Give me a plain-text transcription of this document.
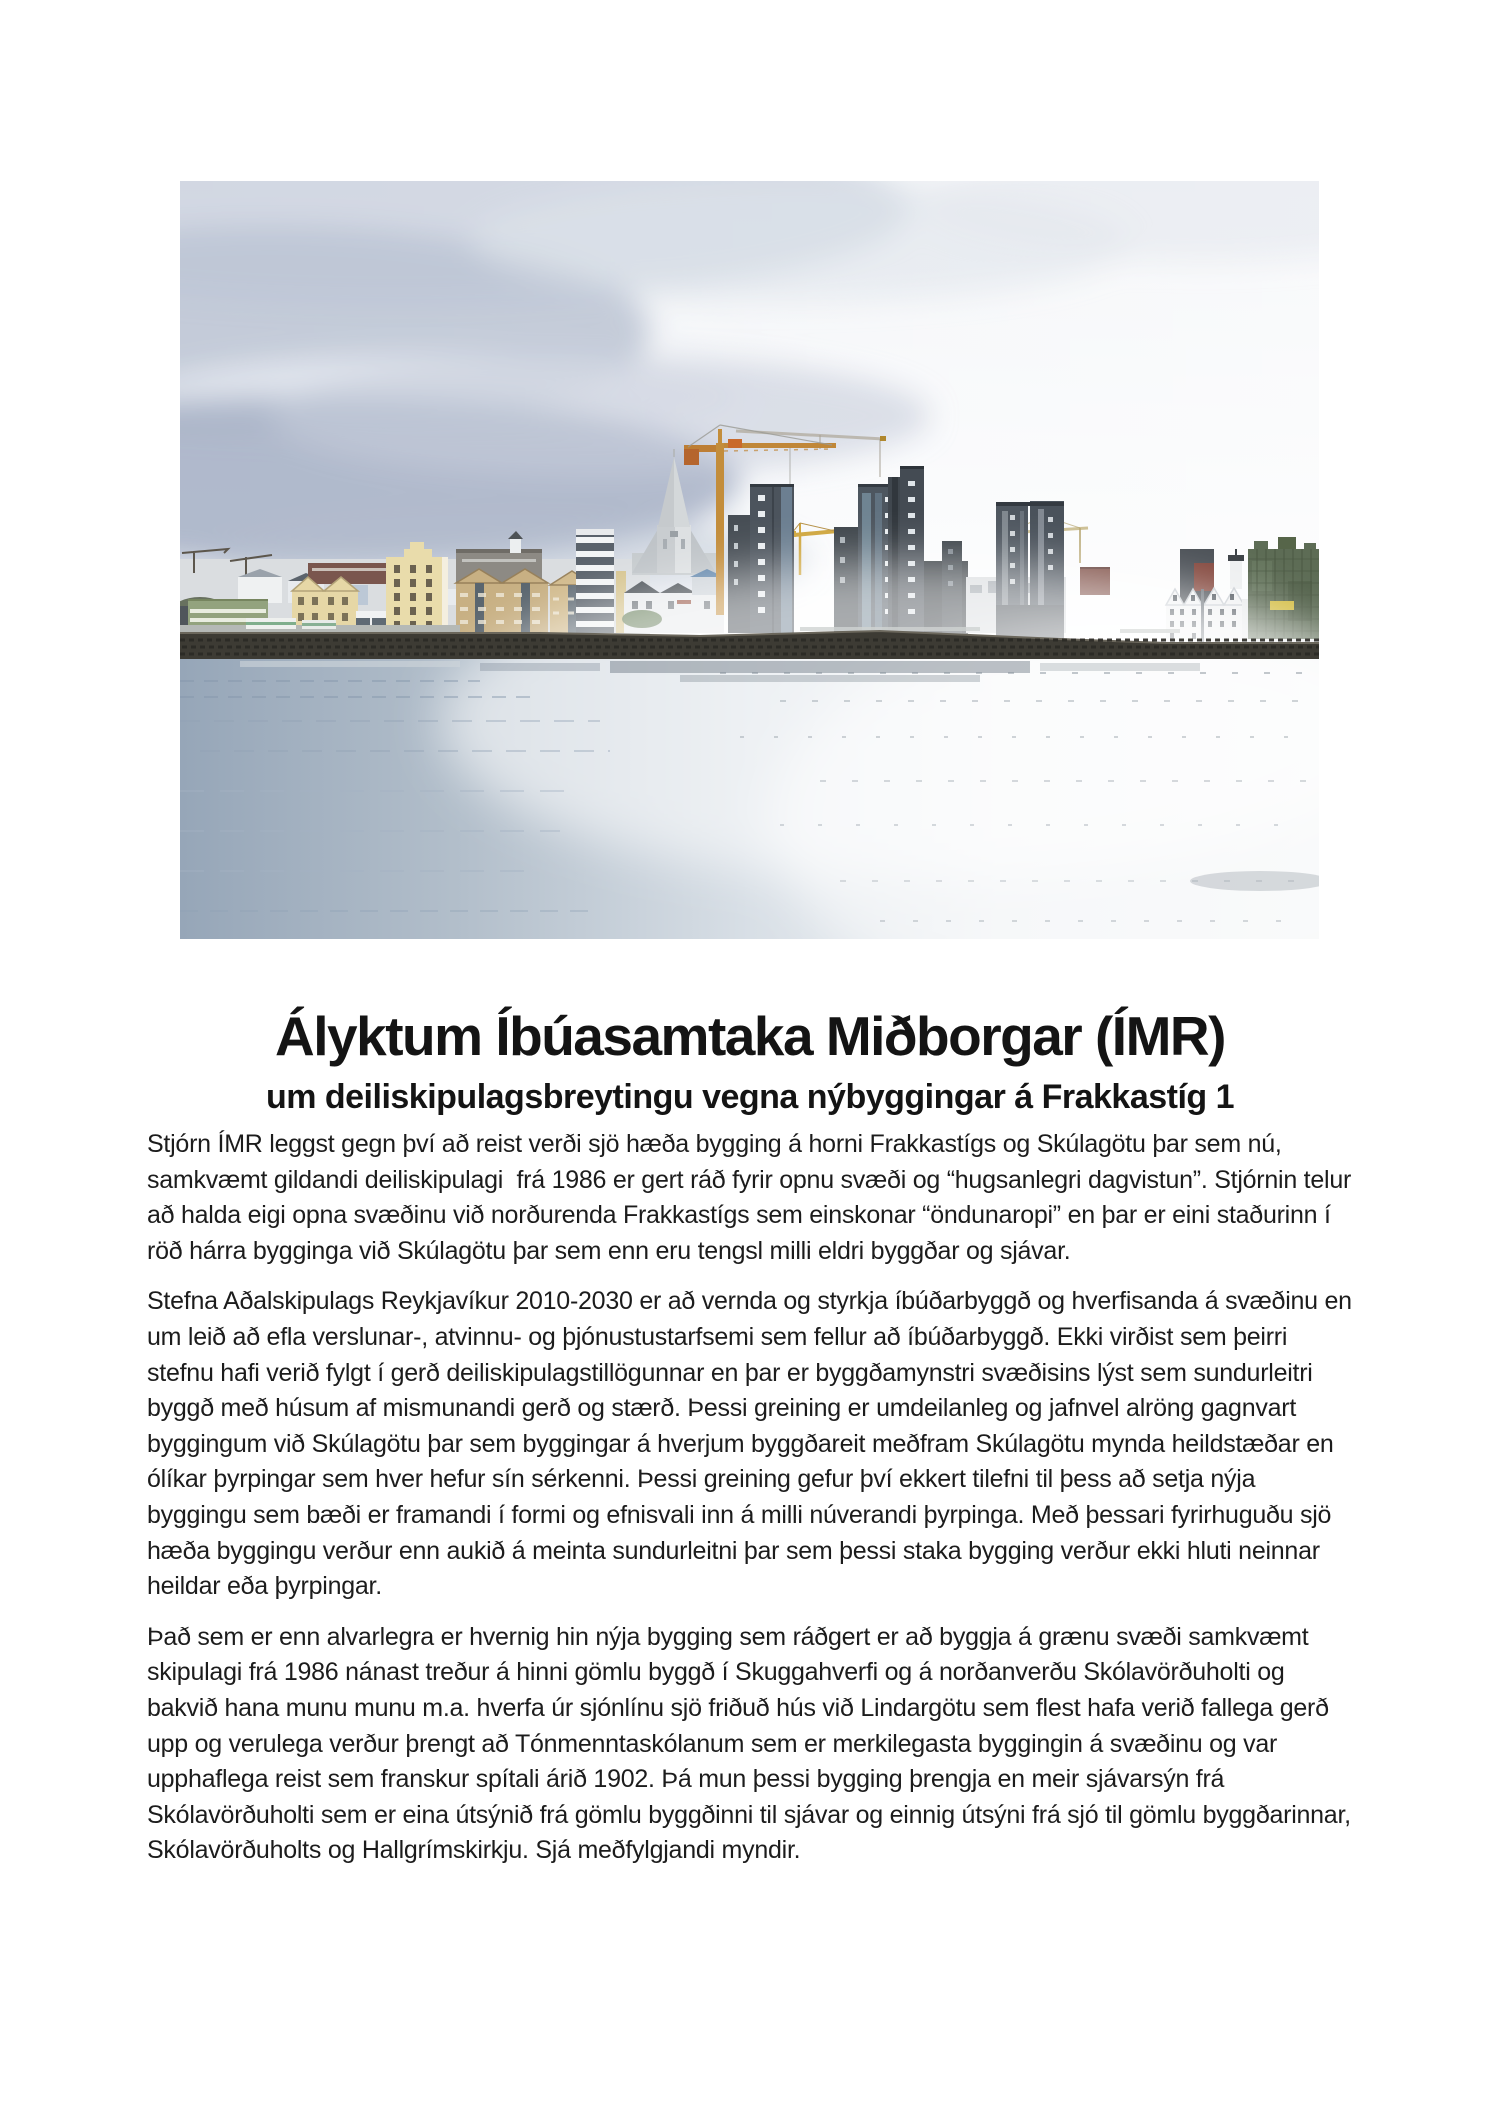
Ályktum Íbúasamtaka Miðborgar (ÍMR)
um deiliskipulagsbreytingu vegna nýbyggingar á Frakkastíg 1

Stjórn ÍMR leggst gegn því að reist verði sjö hæða bygging á horni Frakkastígs og Skúlagötu þar sem nú, samkvæmt gildandi deiliskipulagi  frá 1986 er gert ráð fyrir opnu svæði og “hugsanlegri dagvistun”. Stjórnin telur að halda eigi opna svæðinu við norðurenda Frakkastígs sem einskonar “öndunaropi” en þar er eini staðurinn í röð hárra bygginga við Skúlagötu þar sem enn eru tengsl milli eldri byggðar og sjávar.

Stefna Aðalskipulags Reykjavíkur 2010-2030 er að vernda og styrkja íbúðarbyggð og hverfisanda á svæðinu en um leið að efla verslunar-, atvinnu- og þjónustustarfsemi sem fellur að íbúðarbyggð. Ekki virðist sem þeirri stefnu hafi verið fylgt í gerð deiliskipulagstillögunnar en þar er byggðamynstri svæðisins lýst sem sundurleitri byggð með húsum af mismunandi gerð og stærð. Þessi greining er umdeilanleg og jafnvel alröng gagnvart byggingum við Skúlagötu þar sem byggingar á hverjum byggðareit meðfram Skúlagötu mynda heildstæðar en ólíkar þyrpingar sem hver hefur sín sérkenni. Þessi greining gefur því ekkert tilefni til þess að setja nýja byggingu sem bæði er framandi í formi og efnisvali inn á milli núverandi þyrpinga. Með þessari fyrirhuguðu sjö hæða byggingu verður enn aukið á meinta sundurleitni þar sem þessi staka bygging verður ekki hluti neinnar heildar eða þyrpingar.

Það sem er enn alvarlegra er hvernig hin nýja bygging sem ráðgert er að byggja á grænu svæði samkvæmt skipulagi frá 1986 nánast treður á hinni gömlu byggð í Skuggahverfi og á norðanverðu Skólavörðuholti og bakvið hana munu munu m.a. hverfa úr sjónlínu sjö friðuð hús við Lindargötu sem flest hafa verið fallega gerð upp og verulega verður þrengt að Tónmenntaskólanum sem er merkilegasta byggingin á svæðinu og var upphaflega reist sem franskur spítali árið 1902. Þá mun þessi bygging þrengja en meir sjávarsýn frá Skólavörðuholti sem er eina útsýnið frá gömlu byggðinni til sjávar og einnig útsýni frá sjó til gömlu byggðarinnar, Skólavörðuholts og Hallgrímskirkju. Sjá meðfylgjandi myndir.
